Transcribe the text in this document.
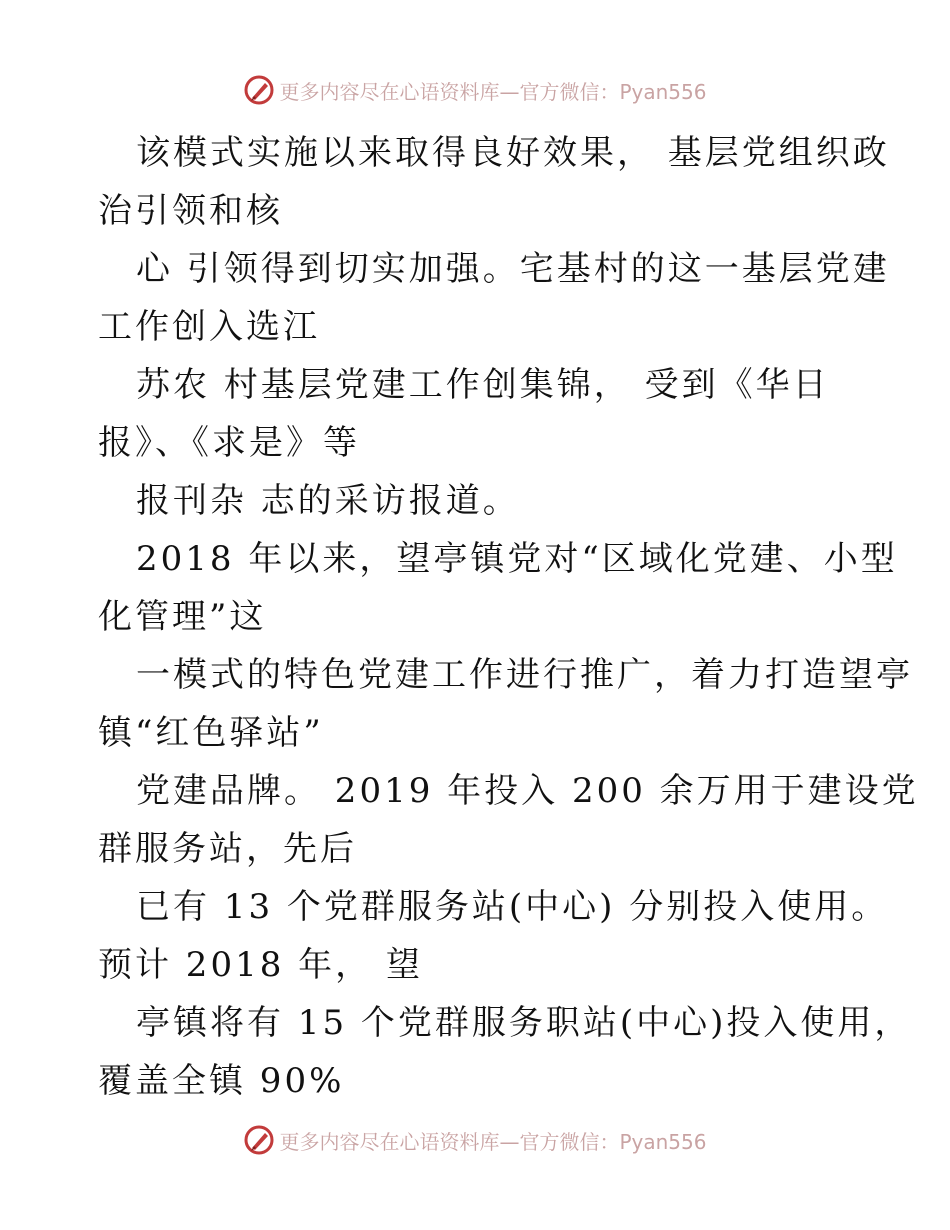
更多内容尽在心语资料库—官方微信：Pyan556
该模式实施以来取得良好效果， 基层党组织政
治引领和核
心 引领得到切实加强。宅基村的这一基层党建
工作创入选江
苏农 村基层党建工作创集锦， 受到《华日
报》、《求是》等
报刊杂 志的采访报道。
2018 年以来，望亭镇党对“区域化党建、小型
化管理”这
一模式的特色党建工作进行推广，着力打造望亭
镇“红色驿站”
党建品牌。 2019 年投入 200 余万用于建设党
群服务站，先后
已有 13 个党群服务站(中心) 分别投入使用。
预计 2018 年， 望
亭镇将有 15 个党群服务职站(中心)投入使用，
覆盖全镇 90%
更多内容尽在心语资料库—官方微信：Pyan556
